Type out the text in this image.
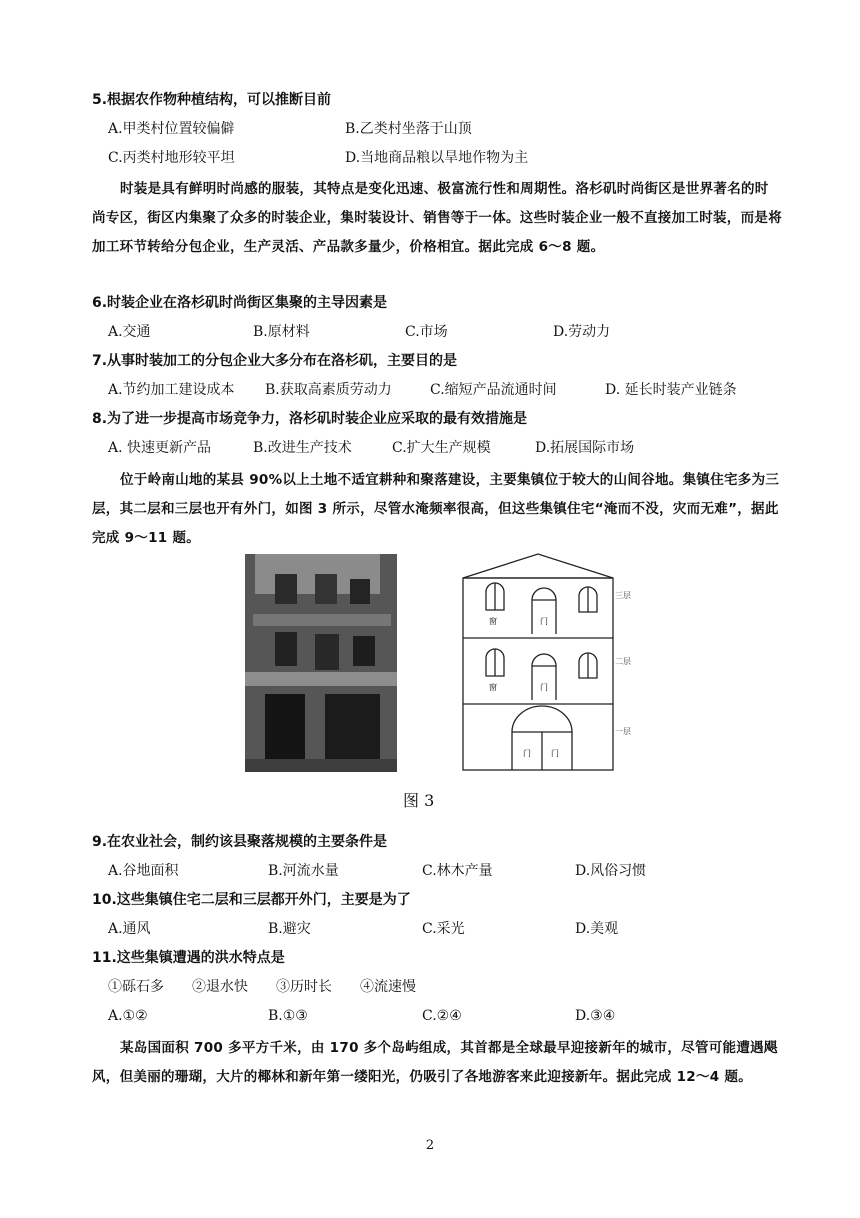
5.根据农作物种植结构，可以推断目前
A.甲类村位置较偏僻	B.乙类村坐落于山顶
C.丙类村地形较平坦	D.当地商品粮以旱地作物为主
时装是具有鲜明时尚感的服装，其特点是变化迅速、极富流行性和周期性。洛杉矶时尚街区是世界著名的时尚专区，街区内集聚了众多的时装企业，集时装设计、销售等于一体。这些时装企业一般不直接加工时装，而是将加工环节转给分包企业，生产灵活、产品款多量少，价格相宜。据此完成 6～8 题。
6.时装企业在洛杉矶时尚街区集聚的主导因素是
A.交通	B.原材料	C.市场	D.劳动力
7.从事时装加工的分包企业大多分布在洛杉矶，主要目的是
A.节约加工建设成本 B.获取高素质劳动力	C.缩短产品流通时间	D. 延长时装产业链条
8.为了进一步提高市场竞争力，洛杉矶时装企业应采取的最有效措施是
A. 快速更新产品	B.改进生产技术	C.扩大生产规模	D.拓展国际市场
位于岭南山地的某县 90%以上土地不适宜耕种和聚落建设，主要集镇位于较大的山间谷地。集镇住宅多为三层，其二层和三层也开有外门，如图 3 所示，尽管水淹频率很高，但这些集镇住宅“淹而不没，灾而无难”，据此完成 9～11 题。
窗	门
窗	门
门	门
三层
二层
一层
图 3
9.在农业社会，制约该县聚落规模的主要条件是
A.谷地面积	B.河流水量	C.林木产量	D.风俗习惯
10.这些集镇住宅二层和三层都开外门，主要是为了
A.通风	B.避灾	C.采光	D.美观
11.这些集镇遭遇的洪水特点是
①砾石多 ②退水快 ③历时长 ④流速慢
A.①②	B.①③	C.②④	D.③④
某岛国面积 700 多平方千米，由 170 多个岛屿组成，其首都是全球最早迎接新年的城市，尽管可能遭遇飓风，但美丽的珊瑚，大片的椰林和新年第一缕阳光，仍吸引了各地游客来此迎接新年。据此完成 12～4 题。
2
